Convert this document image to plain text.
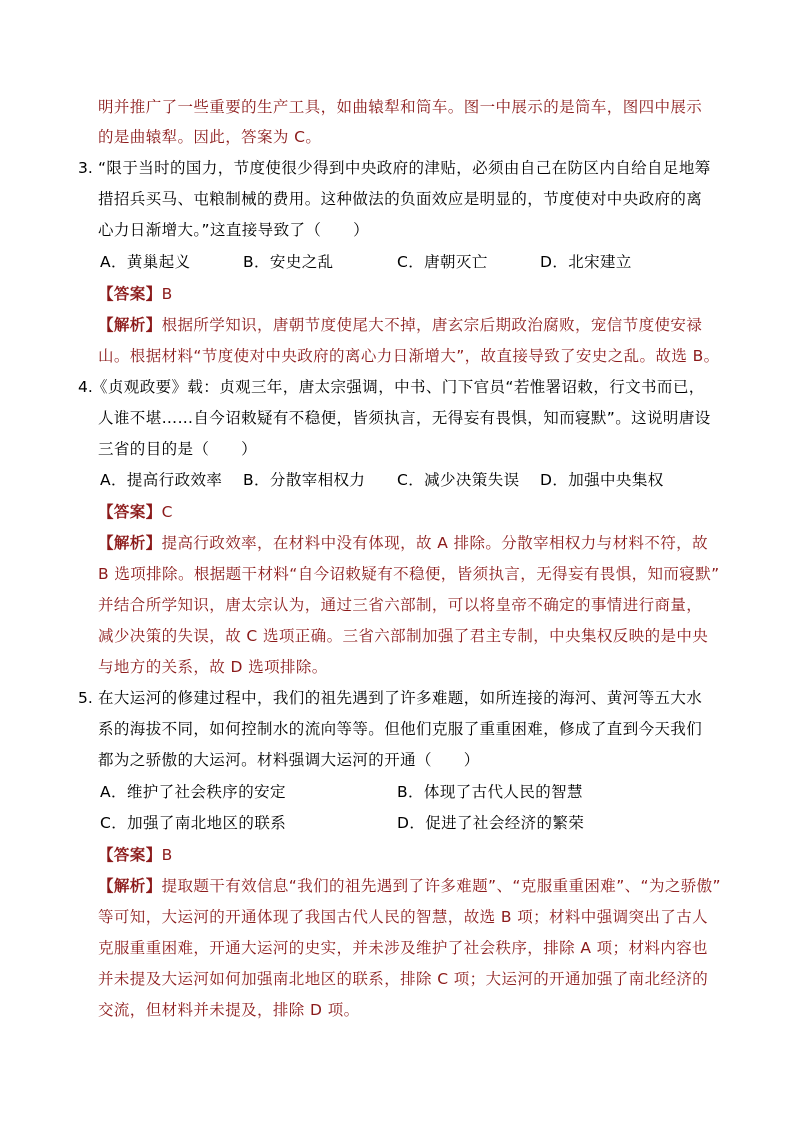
明并推广了一些重要的生产工具，如曲辕犁和筒车。图一中展示的是筒车，图四中展示
的是曲辕犁。因此，答案为 C。
3. “限于当时的国力，节度使很少得到中央政府的津贴，必须由自己在防区内自给自足地筹
措招兵买马、屯粮制械的费用。这种做法的负面效应是明显的，节度使对中央政府的离
心力日渐增大。”这直接导致了（　　）
A．黄巢起义	B．安史之乱	C．唐朝灭亡	D．北宋建立
【答案】B
【解析】根据所学知识，唐朝节度使尾大不掉，唐玄宗后期政治腐败，宠信节度使安禄
山。根据材料“节度使对中央政府的离心力日渐增大”，故直接导致了安史之乱。故选 B。
4. 《贞观政要》载：贞观三年，唐太宗强调，中书、门下官员“若惟署诏敕，行文书而已，
人谁不堪……自今诏敕疑有不稳便，皆须执言，无得妄有畏惧，知而寝默”。这说明唐设
三省的目的是（　　）
A．提高行政效率 B．分散宰相权力 C．减少决策失误 D．加强中央集权
【答案】C
【解析】提高行政效率，在材料中没有体现，故 A 排除。分散宰相权力与材料不符，故
B 选项排除。根据题干材料“自今诏敕疑有不稳便，皆须执言，无得妄有畏惧，知而寝默”
并结合所学知识，唐太宗认为，通过三省六部制，可以将皇帝不确定的事情进行商量，
减少决策的失误，故 C 选项正确。三省六部制加强了君主专制，中央集权反映的是中央
与地方的关系，故 D 选项排除。
5. 在大运河的修建过程中，我们的祖先遇到了许多难题，如所连接的海河、黄河等五大水
系的海拔不同，如何控制水的流向等等。但他们克服了重重困难，修成了直到今天我们
都为之骄傲的大运河。材料强调大运河的开通（　　）
A．维护了社会秩序的安定	B．体现了古代人民的智慧
C．加强了南北地区的联系	D．促进了社会经济的繁荣
【答案】B
【解析】提取题干有效信息“我们的祖先遇到了许多难题”、“克服重重困难”、“为之骄傲”
等可知，大运河的开通体现了我国古代人民的智慧，故选 B 项；材料中强调突出了古人
克服重重困难，开通大运河的史实，并未涉及维护了社会秩序，排除 A 项；材料内容也
并未提及大运河如何加强南北地区的联系，排除 C 项；大运河的开通加强了南北经济的
交流，但材料并未提及，排除 D 项。
